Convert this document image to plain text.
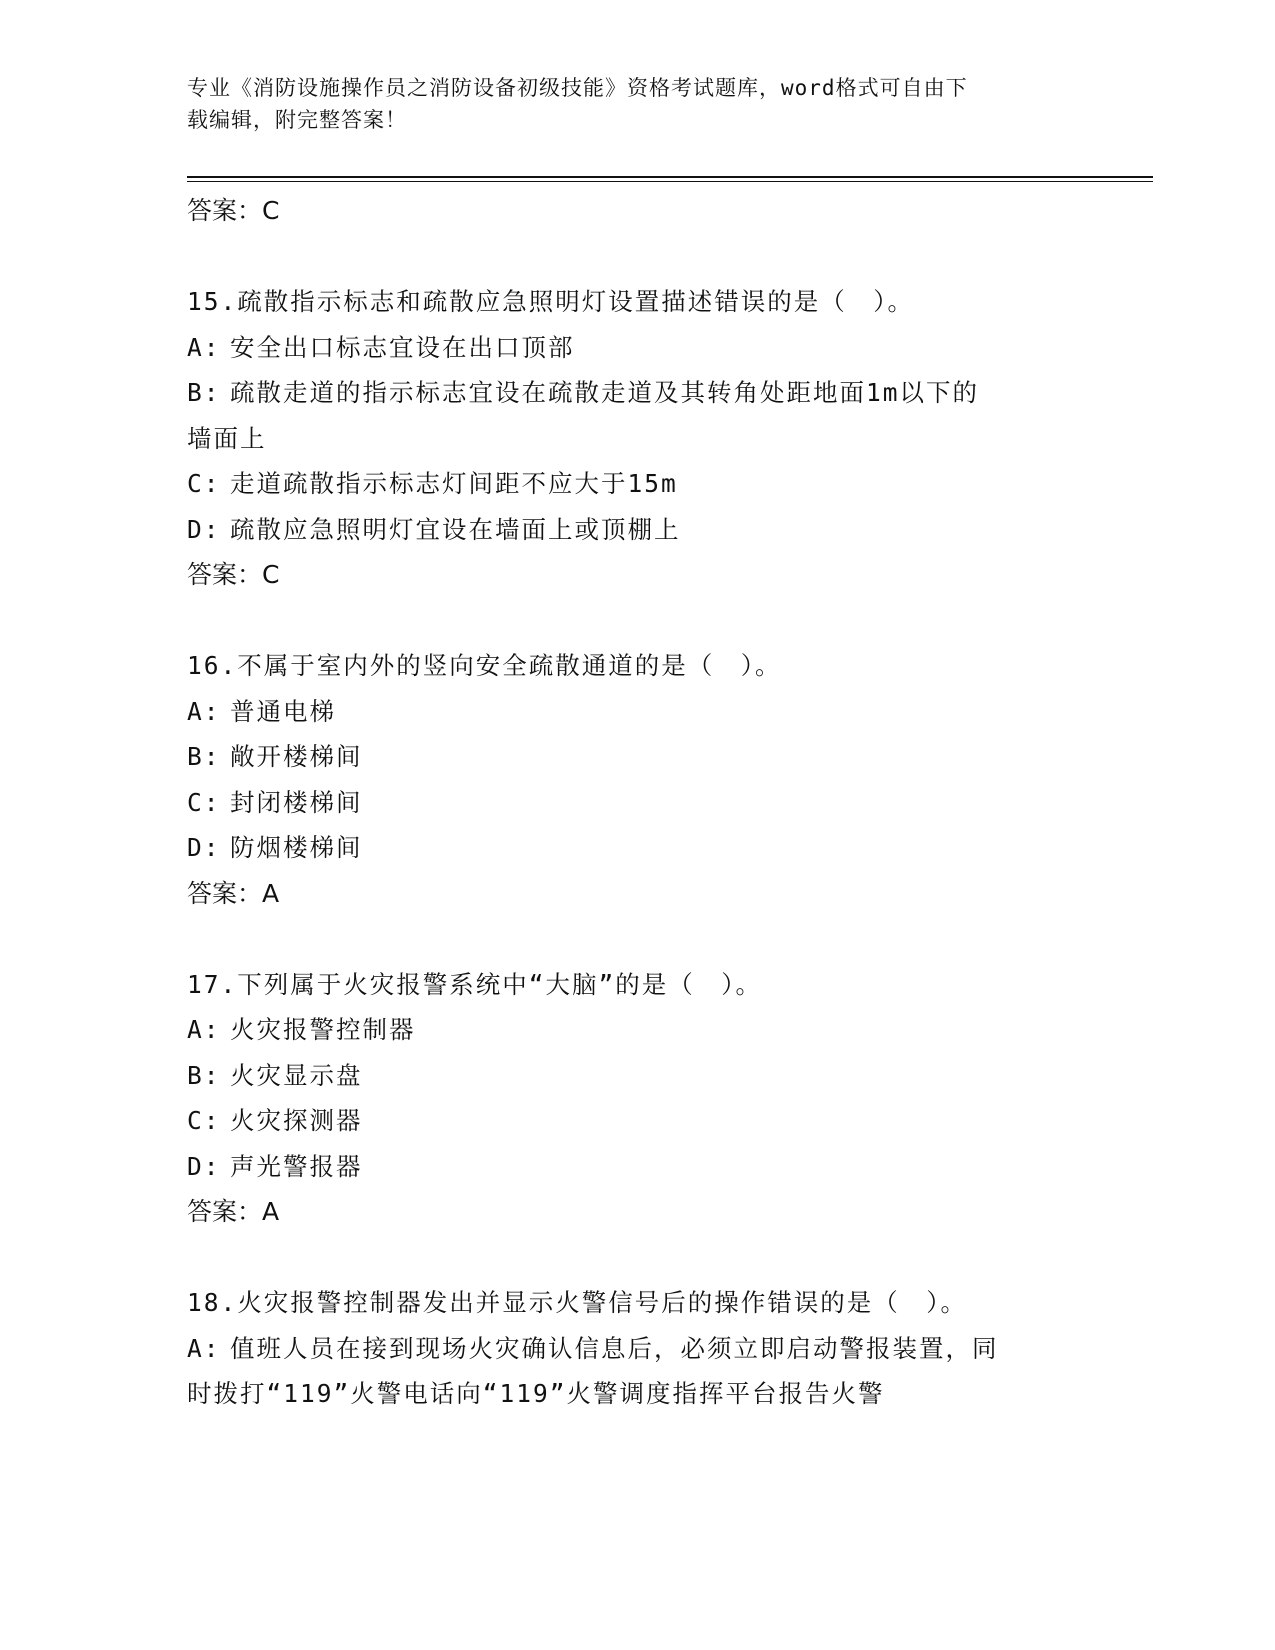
专业《消防设施操作员之消防设备初级技能》资格考试题库，word格式可自由下
载编辑，附完整答案！
答案：C
15.疏散指示标志和疏散应急照明灯设置描述错误的是（　）。
A: 安全出口标志宜设在出口顶部
B: 疏散走道的指示标志宜设在疏散走道及其转角处距地面1m以下的
墙面上
C: 走道疏散指示标志灯间距不应大于15m
D: 疏散应急照明灯宜设在墙面上或顶棚上
答案：C
16.不属于室内外的竖向安全疏散通道的是（　）。
A: 普通电梯
B: 敞开楼梯间
C: 封闭楼梯间
D: 防烟楼梯间
答案：A
17.下列属于火灾报警系统中“大脑”的是（　）。
A: 火灾报警控制器
B: 火灾显示盘
C: 火灾探测器
D: 声光警报器
答案：A
18.火灾报警控制器发出并显示火警信号后的操作错误的是（　）。
A: 值班人员在接到现场火灾确认信息后，必须立即启动警报装置，同
时拨打“119”火警电话向“119”火警调度指挥平台报告火警
